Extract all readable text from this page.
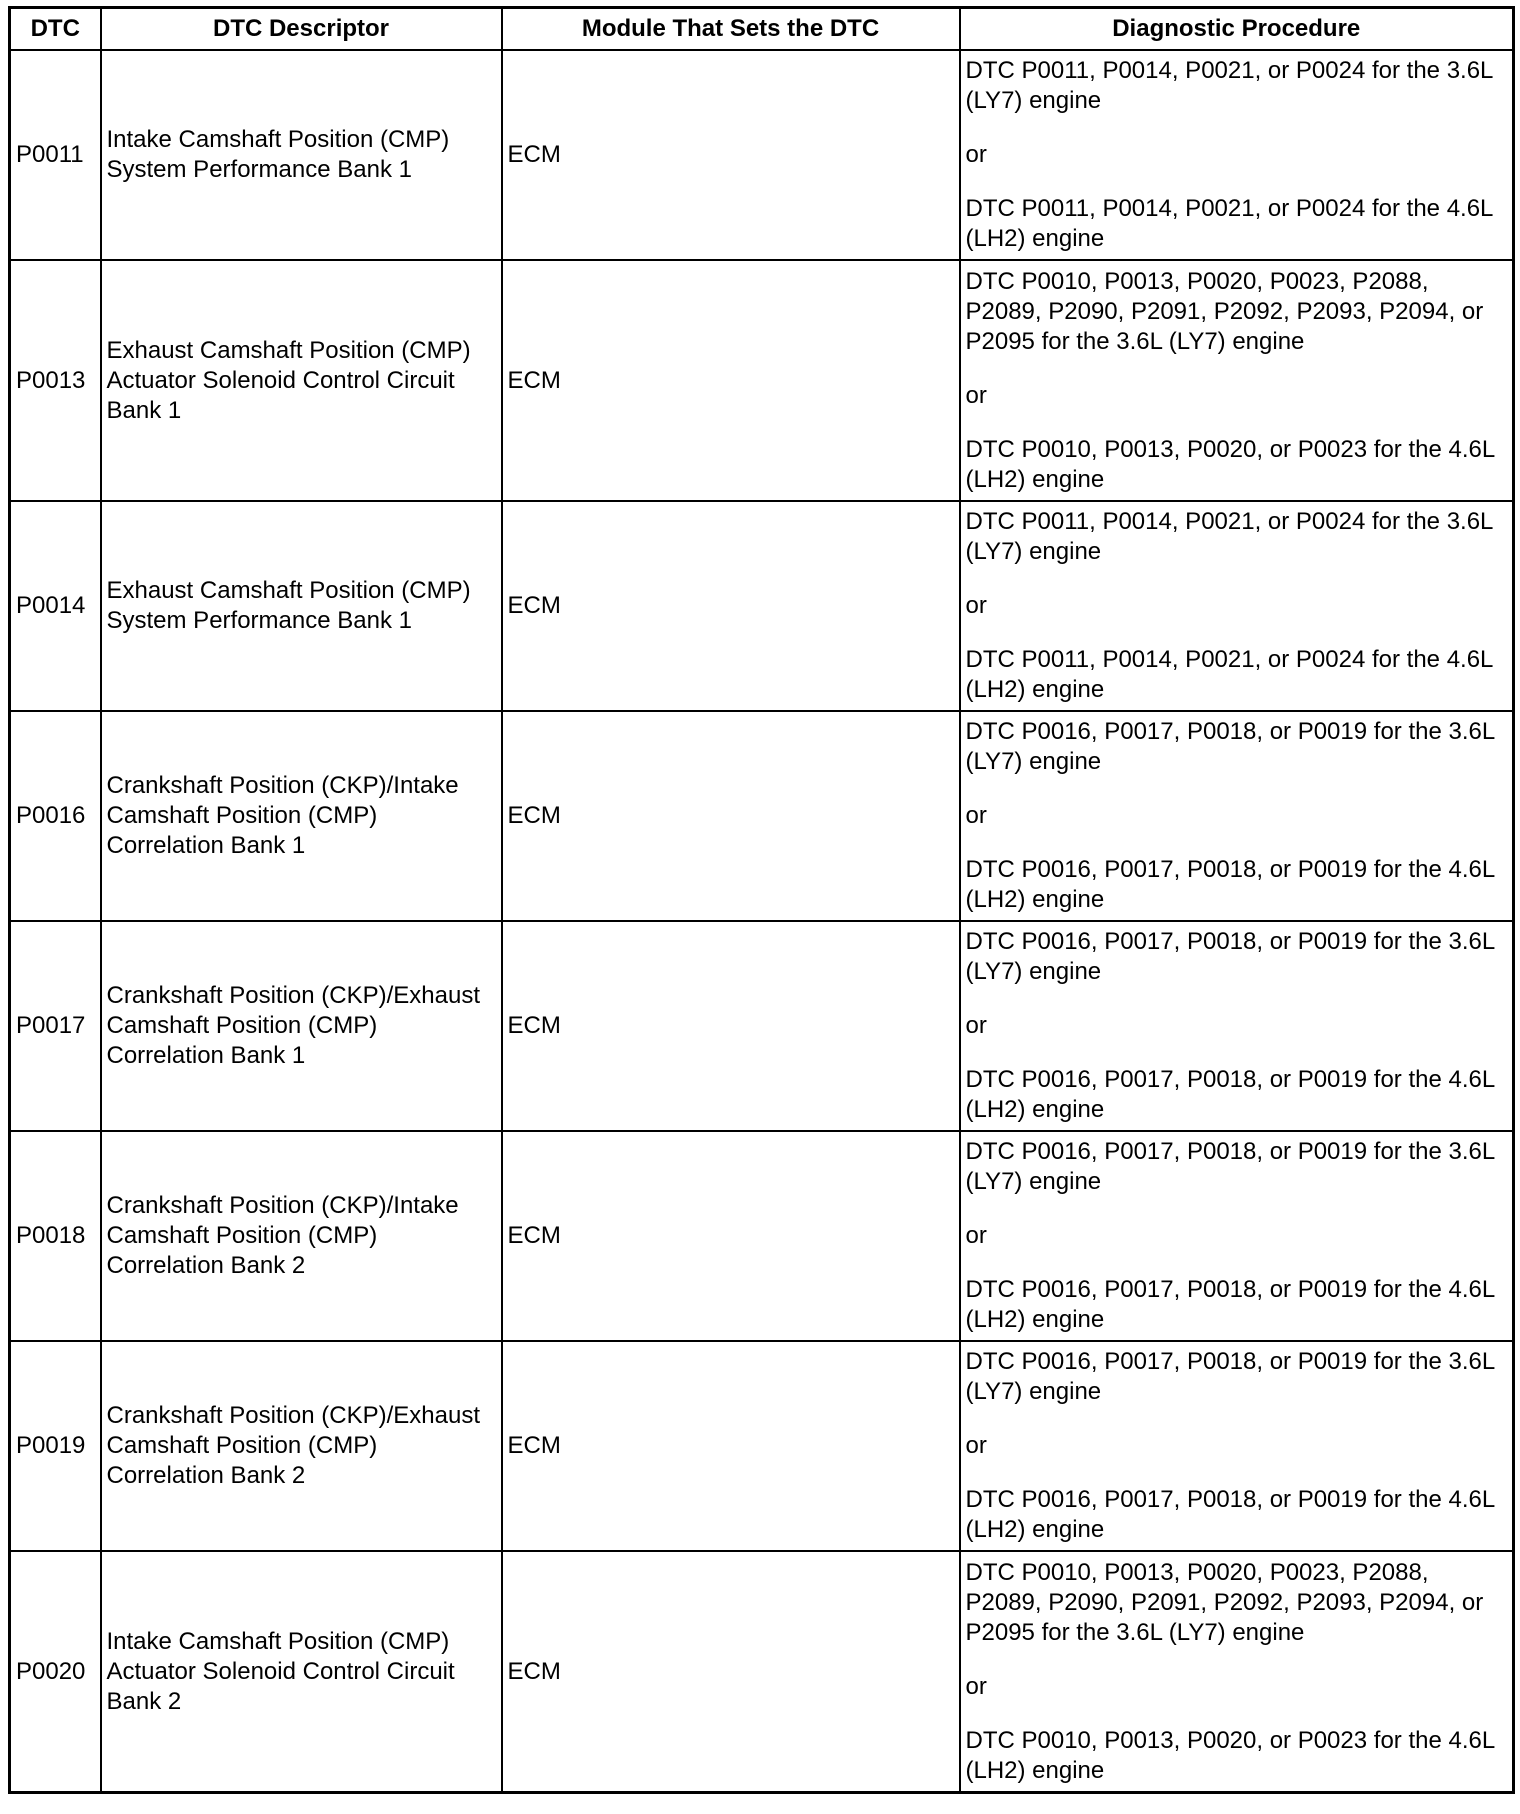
DTC	DTC Descriptor	Module That Sets the DTC	Diagnostic Procedure
P0011	Intake Camshaft Position (CMP) System Performance Bank 1	ECM	DTC P0011, P0014, P0021, or P0024 for the 3.6L (LY7) engine
or
DTC P0011, P0014, P0021, or P0024 for the 4.6L (LH2) engine

P0013	Exhaust Camshaft Position (CMP) Actuator Solenoid Control Circuit Bank 1	ECM	DTC P0010, P0013, P0020, P0023, P2088, P2089, P2090, P2091, P2092, P2093, P2094, or P2095 for the 3.6L (LY7) engine
or
DTC P0010, P0013, P0020, or P0023 for the 4.6L (LH2) engine

P0014	Exhaust Camshaft Position (CMP) System Performance Bank 1	ECM	DTC P0011, P0014, P0021, or P0024 for the 3.6L (LY7) engine
or
DTC P0011, P0014, P0021, or P0024 for the 4.6L (LH2) engine

P0016	Crankshaft Position (CKP)/Intake Camshaft Position (CMP) Correlation Bank 1	ECM	DTC P0016, P0017, P0018, or P0019 for the 3.6L (LY7) engine
or
DTC P0016, P0017, P0018, or P0019 for the 4.6L (LH2) engine

P0017	Crankshaft Position (CKP)/Exhaust Camshaft Position (CMP) Correlation Bank 1	ECM	DTC P0016, P0017, P0018, or P0019 for the 3.6L (LY7) engine
or
DTC P0016, P0017, P0018, or P0019 for the 4.6L (LH2) engine

P0018	Crankshaft Position (CKP)/Intake Camshaft Position (CMP) Correlation Bank 2	ECM	DTC P0016, P0017, P0018, or P0019 for the 3.6L (LY7) engine
or
DTC P0016, P0017, P0018, or P0019 for the 4.6L (LH2) engine

P0019	Crankshaft Position (CKP)/Exhaust Camshaft Position (CMP) Correlation Bank 2	ECM	DTC P0016, P0017, P0018, or P0019 for the 3.6L (LY7) engine
or
DTC P0016, P0017, P0018, or P0019 for the 4.6L (LH2) engine

P0020	Intake Camshaft Position (CMP) Actuator Solenoid Control Circuit Bank 2	ECM	DTC P0010, P0013, P0020, P0023, P2088, P2089, P2090, P2091, P2092, P2093, P2094, or P2095 for the 3.6L (LY7) engine
or
DTC P0010, P0013, P0020, or P0023 for the 4.6L (LH2) engine
